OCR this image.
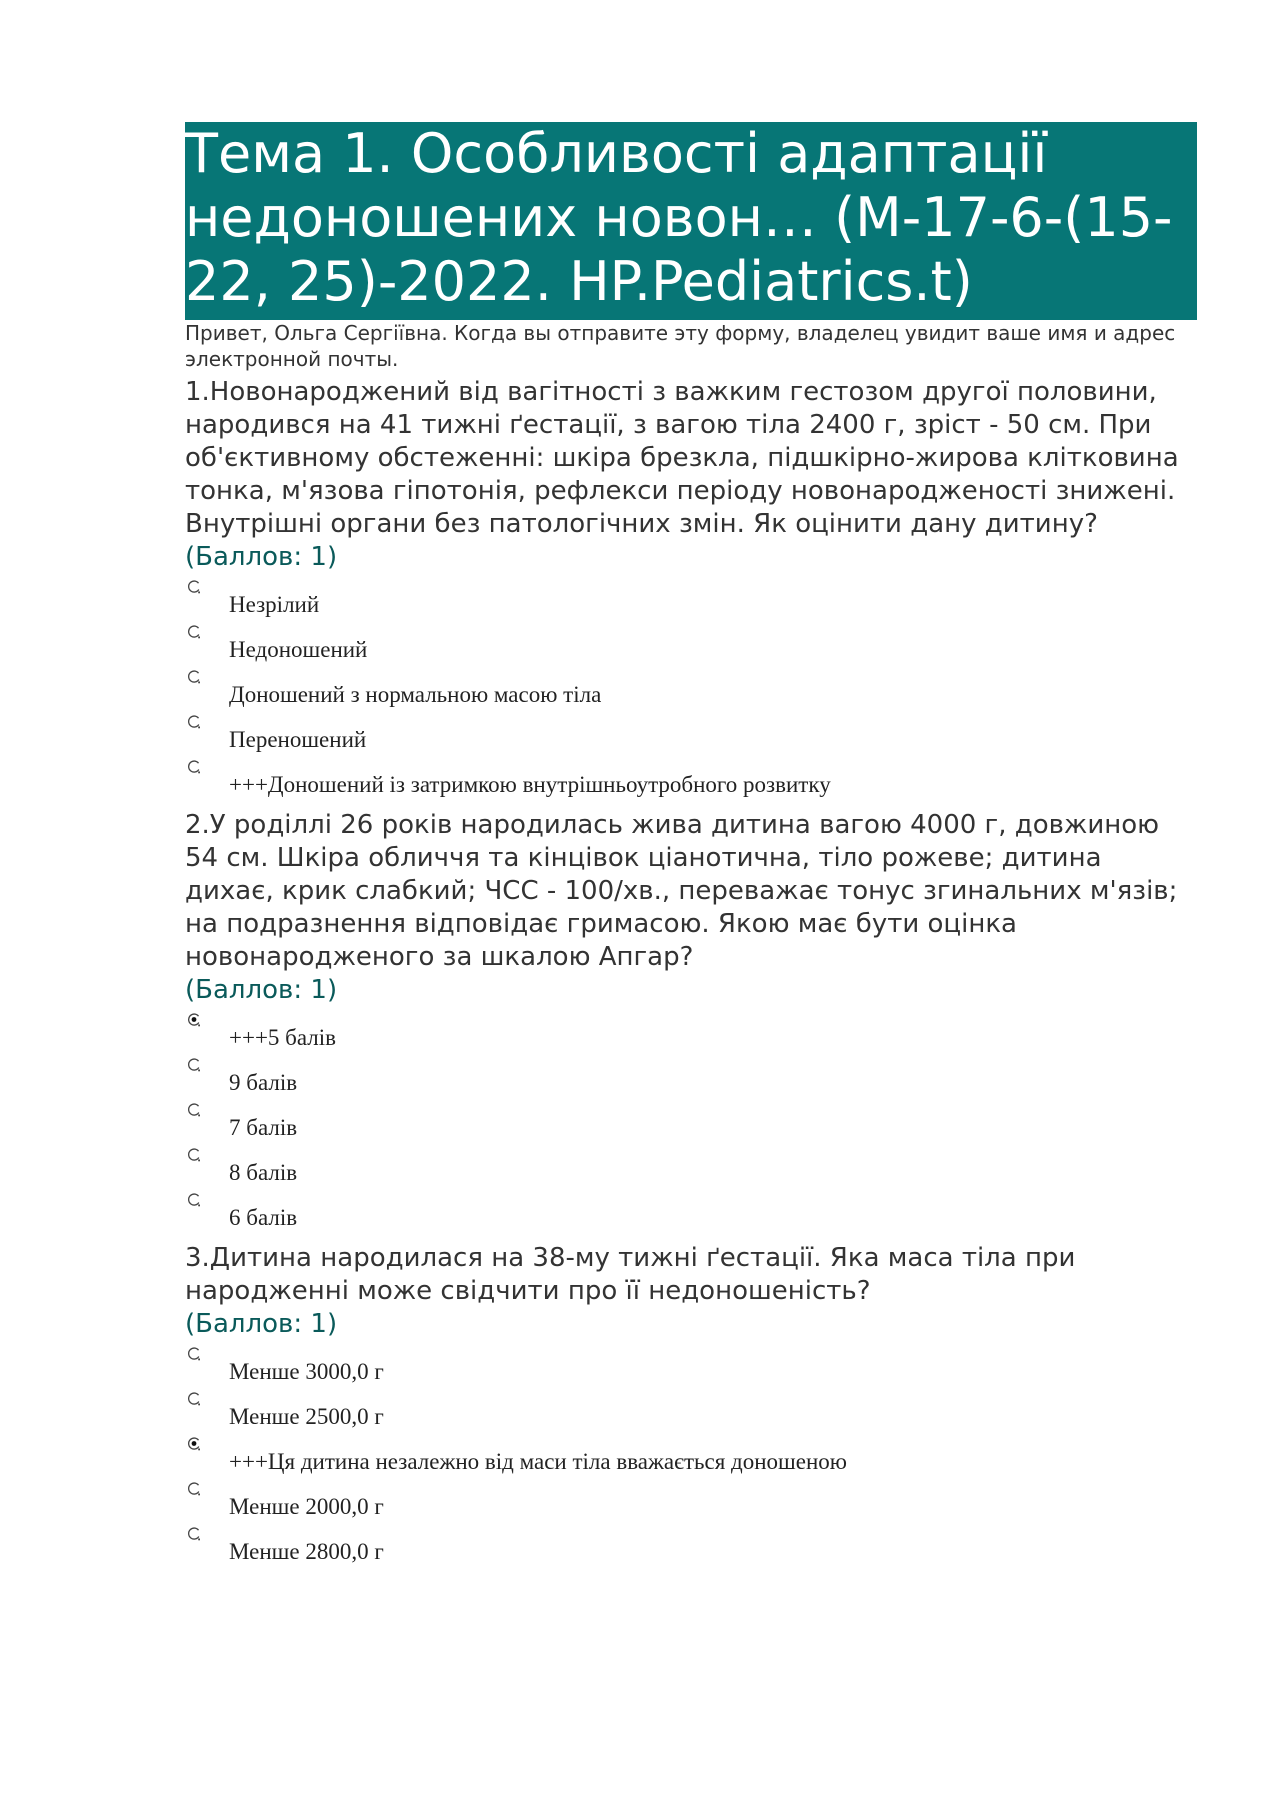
Тема 1. Особливості адаптації недоношених новон… (М-17-6-(15-22, 25)-2022. HP.Pediatrics.t)

Привет, Ольга Сергіївна. Когда вы отправите эту форму, владелец увидит ваше имя и адрес электронной почты.

1.Новонароджений від вагітності з важким гестозом другої половини, народився на 41 тижні ґестації, з вагою тіла 2400 г, зріст - 50 см. При об'єктивному обстеженні: шкіра брезкла, підшкірно-жирова клітковина тонка, м'язова гіпотонія, рефлекси періоду новонародженості знижені. Внутрішні органи без патологічних змін. Як оцінити дану дитину?

(Баллов: 1)

Незрілий
Недоношений
Доношений з нормальною масою тіла
Переношений
+++Доношений із затримкою внутрішньоутробного розвитку

2.У роділлі 26 років народилась жива дитина вагою 4000 г, довжиною 54 см. Шкіра обличчя та кінцівок ціанотична, тіло рожеве; дитина дихає, крик слабкий; ЧСС - 100/хв., переважає тонус згинальних м'язів; на подразнення відповідає гримасою. Якою має бути оцінка новонародженого за шкалою Апгар?

(Баллов: 1)

+++5 балів
9 балів
7 балів
8 балів
6 балів

3.Дитина народилася на 38-му тижні ґестації. Яка маса тіла при народженні може свідчити про її недоношеність?

(Баллов: 1)

Менше 3000,0 г
Менше 2500,0 г
+++Ця дитина незалежно від маси тіла вважається доношеною
Менше 2000,0 г
Менше 2800,0 г
